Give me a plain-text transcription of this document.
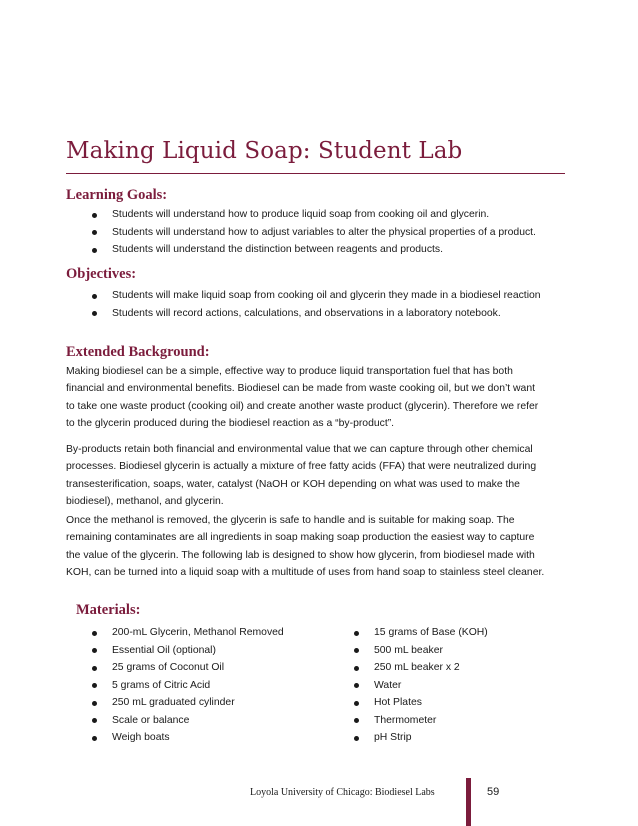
Making Liquid Soap: Student Lab
Learning Goals:
Students will understand how to produce liquid soap from cooking oil and glycerin.
Students will understand how to adjust variables to alter the physical properties of a product.
Students will understand the distinction between reagents and products.
Objectives:
Students will make liquid soap from cooking oil and glycerin they made in a biodiesel reaction
Students will record actions, calculations, and observations in a laboratory notebook.
Extended Background:

Making biodiesel can be a simple, effective way to produce liquid transportation fuel that has both
financial and environmental benefits. Biodiesel can be made from waste cooking oil, but we don’t want
to take one waste product (cooking oil) and create another waste product (glycerin). Therefore we refer
to the glycerin produced during the biodiesel reaction as a “by-product”.

By-products retain both financial and environmental value that we can capture through other chemical
processes. Biodiesel glycerin is actually a mixture of free fatty acids (FFA) that were neutralized during
transesterification, soaps, water, catalyst (NaOH or KOH depending on what was used to make the
biodiesel), methanol, and glycerin.

Once the methanol is removed, the glycerin is safe to handle and is suitable for making soap. The
remaining contaminates are all ingredients in soap making soap production the easiest way to capture
the value of the glycerin. The following lab is designed to show how glycerin, from biodiesel made with
KOH, can be turned into a liquid soap with a multitude of uses from hand soap to stainless steel cleaner.

Materials:
200-mL Glycerin, Methanol Removed
Essential Oil (optional)
25 grams of Coconut Oil
5 grams of Citric Acid
250 mL graduated cylinder
Scale or balance
Weigh boats
15 grams of Base (KOH)
500 mL beaker
250 mL beaker x 2
Water
Hot Plates
Thermometer
pH Strip
Loyola University of Chicago: Biodiesel Labs	59
